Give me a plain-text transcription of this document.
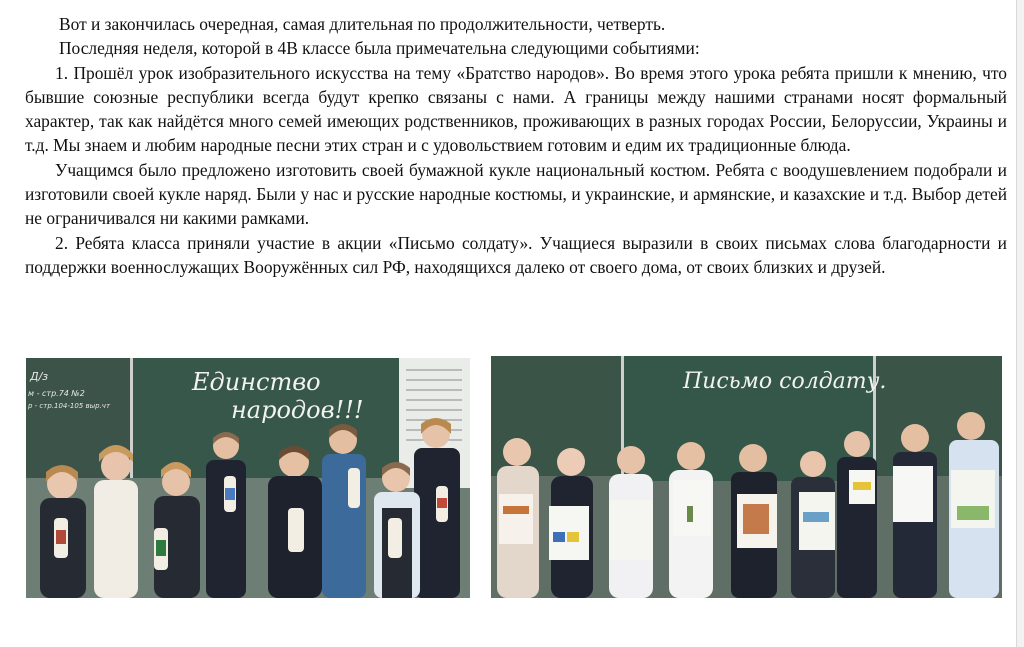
Вот и закончилась очередная, самая длительная по продолжительности, четверть.

Последняя неделя, которой в 4В классе была примечательна следующими событиями:

1. Прошёл урок изобразительного искусства на тему «Братство народов». Во время этого урока ребята пришли к мнению, что бывшие союзные республики всегда будут крепко связаны с нами. А границы между нашими странами носят формальный характер, так как найдётся много семей имеющих родственников, проживающих в разных городах России, Белоруссии, Украины и т.д. Мы знаем и любим народные песни этих стран и с удовольствием готовим и едим их традиционные блюда.

Учащимся было предложено изготовить своей бумажной кукле национальный костюм. Ребята с воодушевлением подобрали и изготовили своей кукле наряд. Были у нас и русские народные костюмы, и украинские, и армянские, и казахские и т.д. Выбор детей не ограничивался ни какими рамками.

2. Ребята класса приняли участие в акции «Письмо солдату». Учащиеся выразили в своих письмах слова благодарности и поддержки военнослужащих Вооружённых сил РФ, находящихся далеко от своего дома, от своих близких и друзей.

Д/з
м - стр.74 №2
р - стр.104-105 выр.чт
Единство
народов!!!
Письмо солдату.
